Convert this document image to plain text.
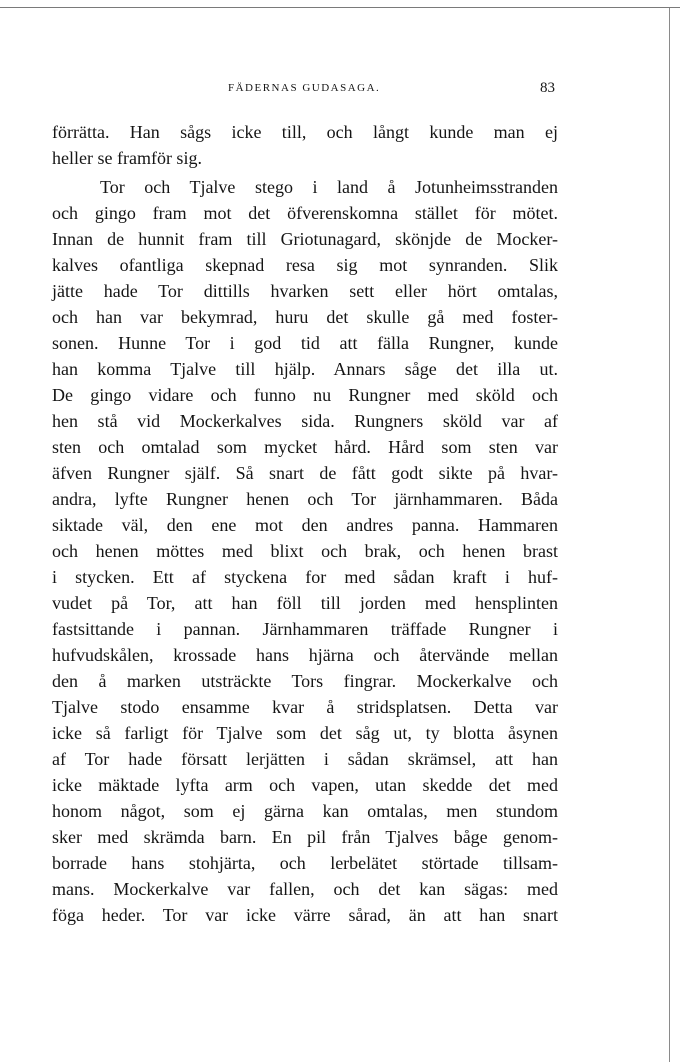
FÄDERNAS GUDASAGA.	83
förrätta. Han sågs icke till, och långt kunde man ej
heller se framför sig.
Tor och Tjalve stego i land å Jotunheimsstranden
och gingo fram mot det öfverenskomna stället för mötet.
Innan de hunnit fram till Griotunagard, skönjde de Mocker-
kalves ofantliga skepnad resa sig mot synranden. Slik
jätte hade Tor dittills hvarken sett eller hört omtalas,
och han var bekymrad, huru det skulle gå med foster-
sonen. Hunne Tor i god tid att fälla Rungner, kunde
han komma Tjalve till hjälp. Annars såge det illa ut.
De gingo vidare och funno nu Rungner med sköld och
hen stå vid Mockerkalves sida. Rungners sköld var af
sten och omtalad som mycket hård. Hård som sten var
äfven Rungner själf. Så snart de fått godt sikte på hvar-
andra, lyfte Rungner henen och Tor järnhammaren. Båda
siktade väl, den ene mot den andres panna. Hammaren
och henen möttes med blixt och brak, och henen brast
i stycken. Ett af styckena for med sådan kraft i huf-
vudet på Tor, att han föll till jorden med hensplinten
fastsittande i pannan. Järnhammaren träffade Rungner i
hufvudskålen, krossade hans hjärna och återvände mellan
den å marken utsträckte Tors fingrar. Mockerkalve och
Tjalve stodo ensamme kvar å stridsplatsen. Detta var
icke så farligt för Tjalve som det såg ut, ty blotta åsynen
af Tor hade försatt lerjätten i sådan skrämsel, att han
icke mäktade lyfta arm och vapen, utan skedde det med
honom något, som ej gärna kan omtalas, men stundom
sker med skrämda barn. En pil från Tjalves båge genom-
borrade hans stohjärta, och lerbelätet störtade tillsam-
mans. Mockerkalve var fallen, och det kan sägas: med
föga heder. Tor var icke värre sårad, än att han snart
